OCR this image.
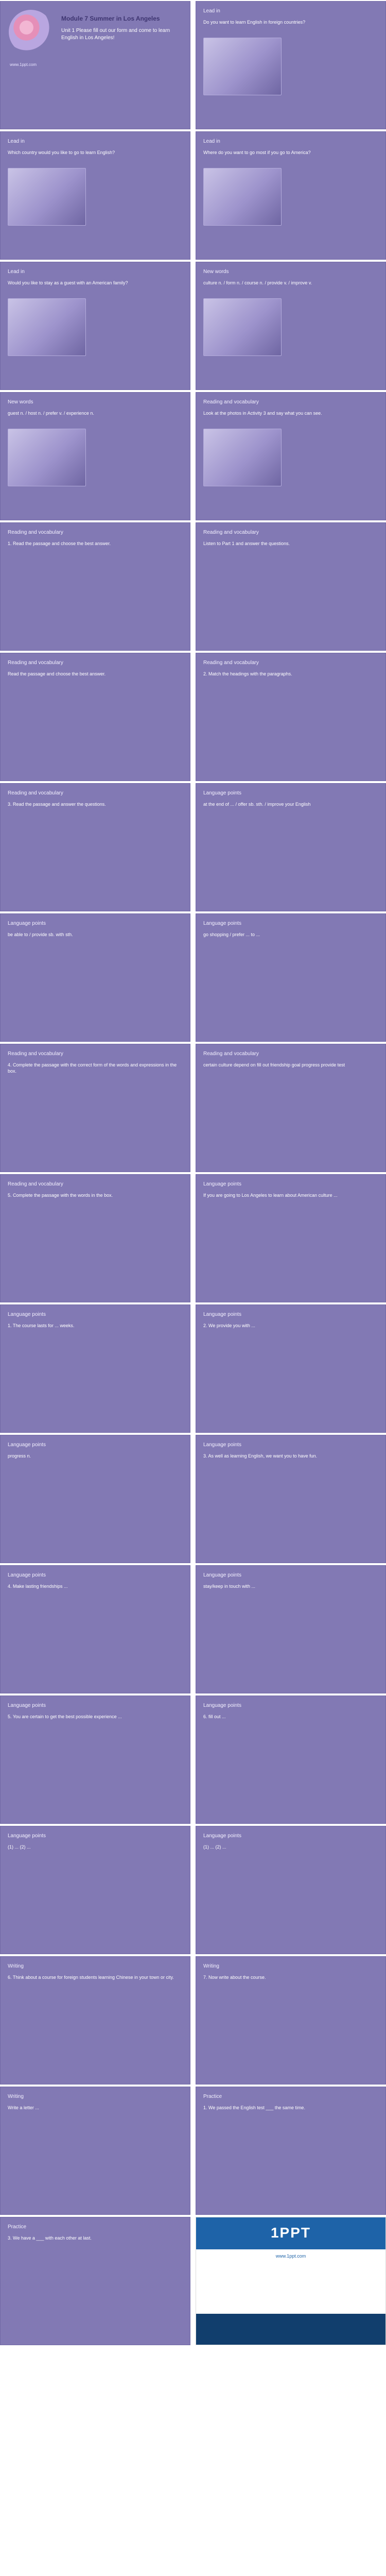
Module 7 Summer in Los Angeles
Unit 1 Please fill out our form and come to learn English in Los Angeles!
www.1ppt.com
Lead in
Do you want to learn English in foreign countries?
Lead in
Which country would you like to go to learn English?
Lead in
Where do you want to go most if you go to America?
Lead in
Would you like to stay as a guest with an American family?
New words
culture n. / form n. / course n. / provide v. / improve v.
New words
guest n. / host n. / prefer v. / experience n.
Reading and vocabulary
Look at the photos in Activity 3 and say what you can see.
Reading and vocabulary
1. Read the passage and choose the best answer.
Reading and vocabulary
Listen to Part 1 and answer the questions.
Reading and vocabulary
Read the passage and choose the best answer.
Reading and vocabulary
2. Match the headings with the paragraphs.
Reading and vocabulary
3. Read the passage and answer the questions.
Language points
at the end of ... / offer sb. sth. / improve your English
Language points
be able to / provide sb. with sth.
Language points
go shopping / prefer ... to ...
Reading and vocabulary
4. Complete the passage with the correct form of the words and expressions in the box.
Reading and vocabulary
certain culture depend on fill out friendship goal progress provide test
Reading and vocabulary
5. Complete the passage with the words in the box.
Language points
If you are going to Los Angeles to learn about American culture ...
Language points
1. The course lasts for ... weeks.
Language points
2. We provide you with ...
Language points
progress n.
Language points
3. As well as learning English, we want you to have fun.
Language points
4. Make lasting friendships ...
Language points
stay/keep in touch with ...
Language points
5. You are certain to get the best possible experience ...
Language points
6. fill out ...
Language points
(1) ... (2) ...
Language points
(1) ... (2) ...
Writing
6. Think about a course for foreign students learning Chinese in your town or city.
Writing
7. Now write about the course.
Writing
Write a letter ...
Practice
1. We passed the English test ___ the same time.
Practice
3. We have a ___ with each other at last.	1PPT
www.1ppt.com
